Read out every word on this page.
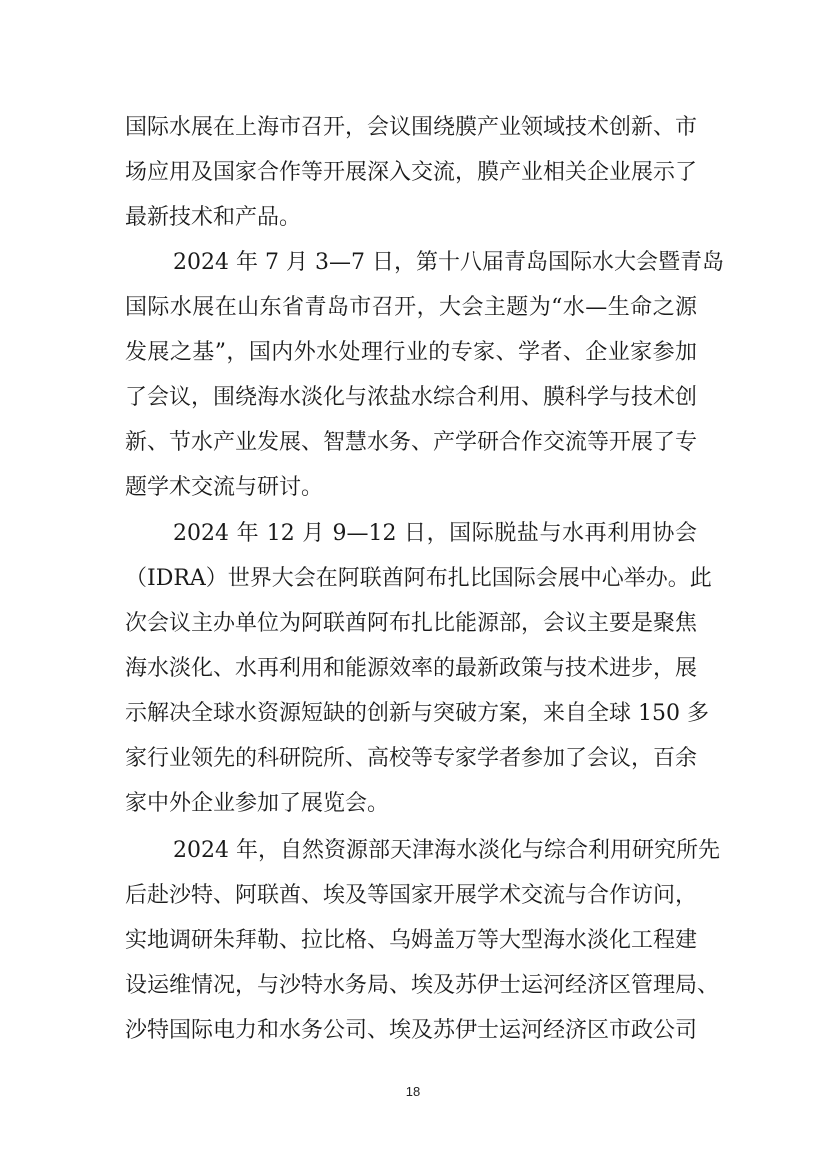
国际水展在上海市召开，会议围绕膜产业领域技术创新、市
场应用及国家合作等开展深入交流，膜产业相关企业展示了
最新技术和产品。
2024 年 7 月 3—7 日，第十八届青岛国际水大会暨青岛
国际水展在山东省青岛市召开，大会主题为“水—生命之源
发展之基”，国内外水处理行业的专家、学者、企业家参加
了会议，围绕海水淡化与浓盐水综合利用、膜科学与技术创
新、节水产业发展、智慧水务、产学研合作交流等开展了专
题学术交流与研讨。
2024 年 12 月 9—12 日，国际脱盐与水再利用协会
（IDRA）世界大会在阿联酋阿布扎比国际会展中心举办。此
次会议主办单位为阿联酋阿布扎比能源部，会议主要是聚焦
海水淡化、水再利用和能源效率的最新政策与技术进步，展
示解决全球水资源短缺的创新与突破方案，来自全球 150 多
家行业领先的科研院所、高校等专家学者参加了会议，百余
家中外企业参加了展览会。
2024 年，自然资源部天津海水淡化与综合利用研究所先
后赴沙特、阿联酋、埃及等国家开展学术交流与合作访问，
实地调研朱拜勒、拉比格、乌姆盖万等大型海水淡化工程建
设运维情况，与沙特水务局、埃及苏伊士运河经济区管理局、
沙特国际电力和水务公司、埃及苏伊士运河经济区市政公司
18
